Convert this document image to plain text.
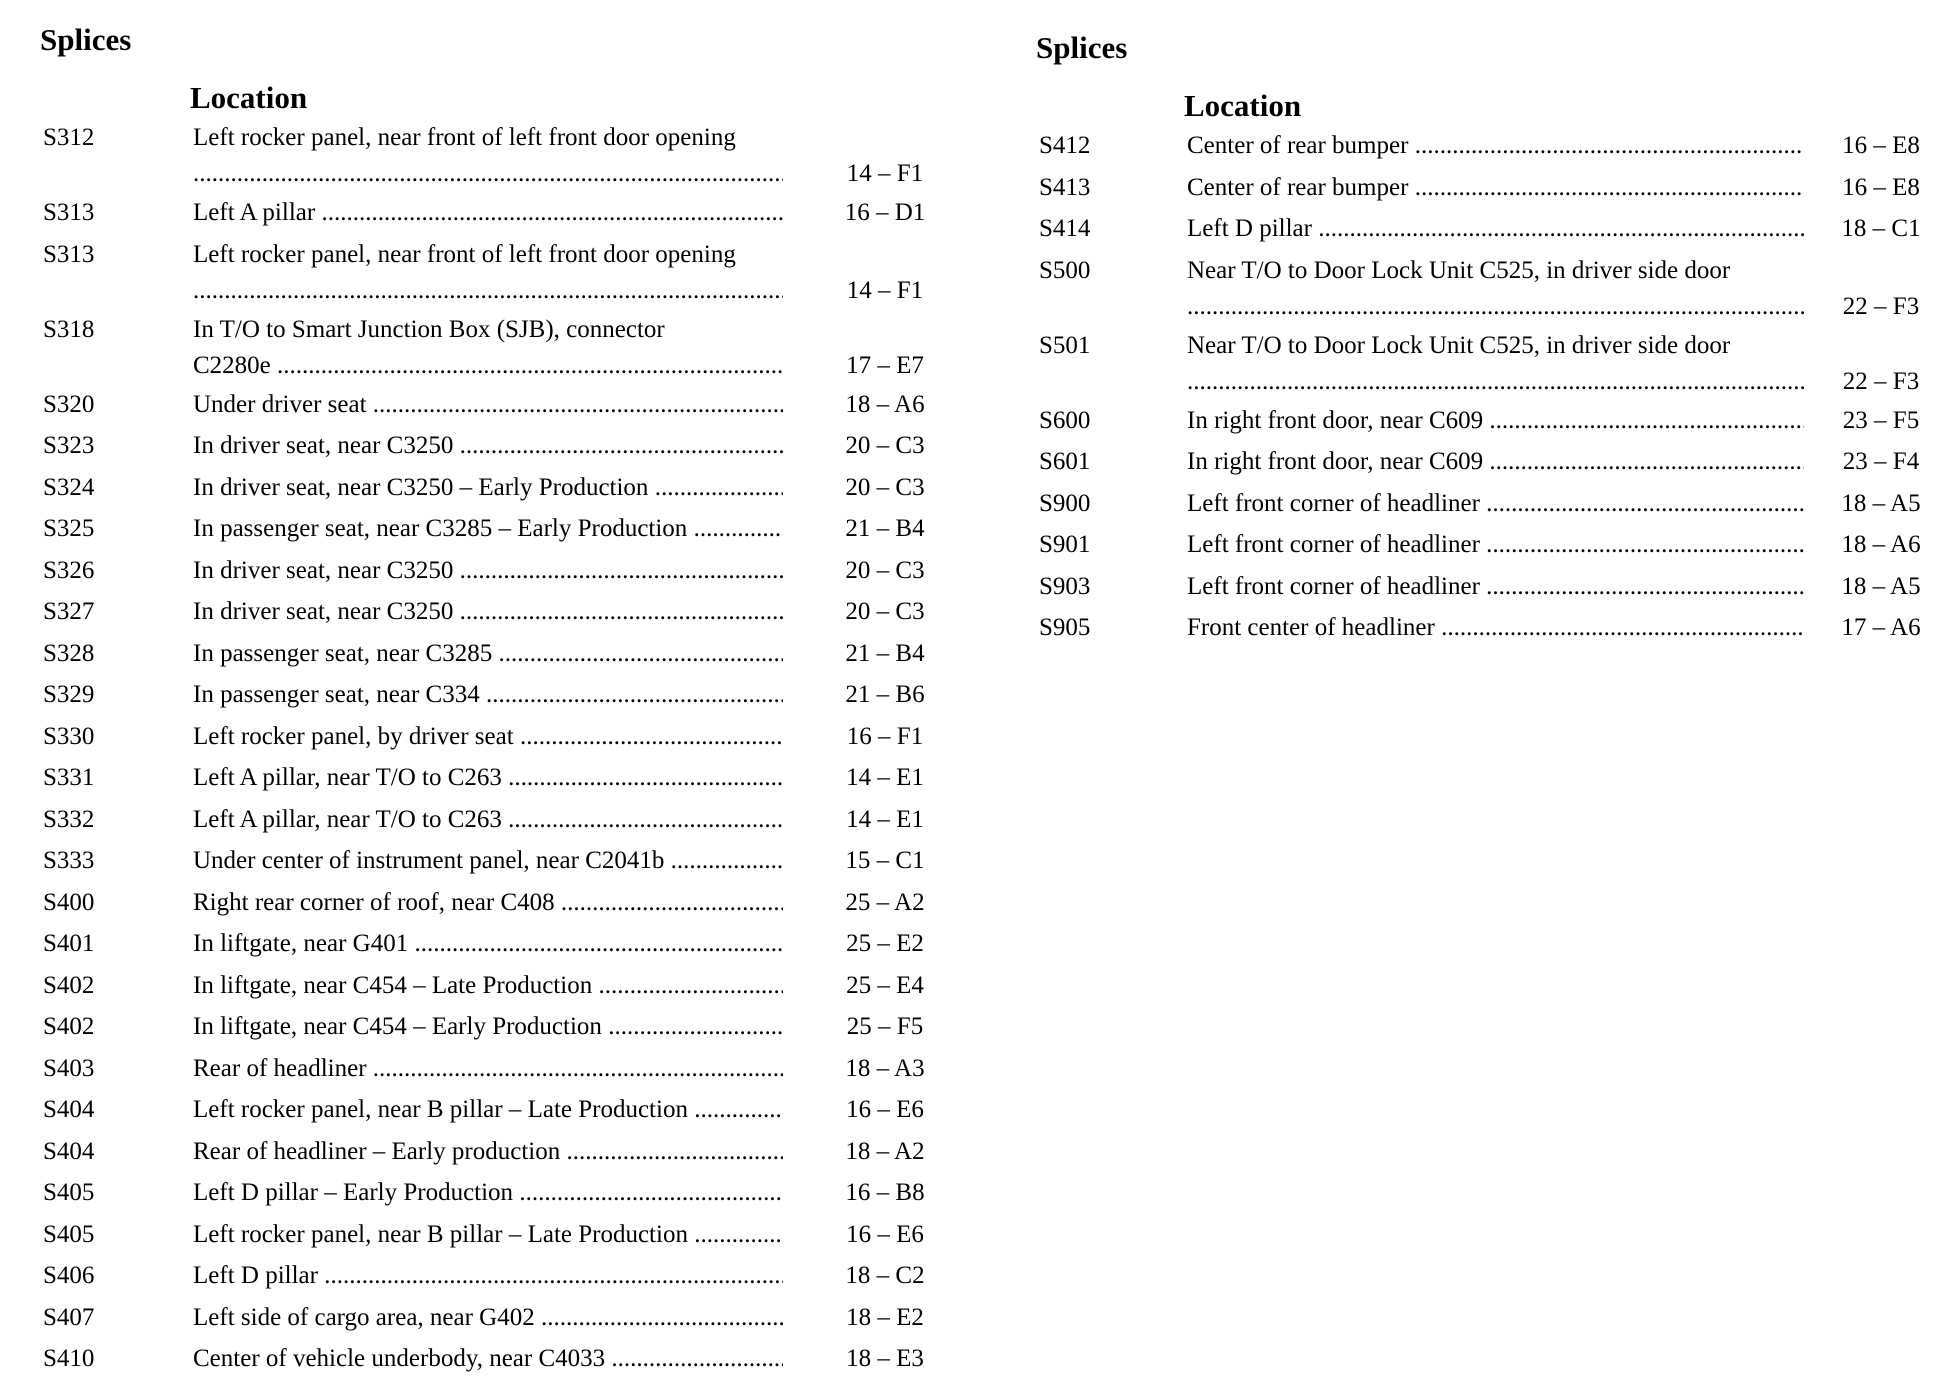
Splices
Location
S312	Left rocker panel, near front of left front door opening
.....
14 – F1
S313	Left A pillar .....	16 – D1
S313	Left rocker panel, near front of left front door opening
.....
14 – F1
S318	In T/O to Smart Junction Box (SJB), connector
C2280e .....	17 – E7
S320	Under driver seat .....	18 – A6
S323	In driver seat, near C3250 .....	20 – C3
S324	In driver seat, near C3250 – Early Production .....	20 – C3
S325	In passenger seat, near C3285 – Early Production .....	21 – B4
S326	In driver seat, near C3250 .....	20 – C3
S327	In driver seat, near C3250 .....	20 – C3
S328	In passenger seat, near C3285 .....	21 – B4
S329	In passenger seat, near C334 .....	21 – B6
S330	Left rocker panel, by driver seat .....	16 – F1
S331	Left A pillar, near T/O to C263 .....	14 – E1
S332	Left A pillar, near T/O to C263 .....	14 – E1
S333	Under center of instrument panel, near C2041b .....	15 – C1
S400	Right rear corner of roof, near C408 .....	25 – A2
S401	In liftgate, near G401 .....	25 – E2
S402	In liftgate, near C454 – Late Production .....	25 – E4
S402	In liftgate, near C454 – Early Production .....	25 – F5
S403	Rear of headliner .....	18 – A3
S404	Left rocker panel, near B pillar – Late Production .....	16 – E6
S404	Rear of headliner – Early production .....	18 – A2
S405	Left D pillar – Early Production .....	16 – B8
S405	Left rocker panel, near B pillar – Late Production .....	16 – E6
S406	Left D pillar .....	18 – C2
S407	Left side of cargo area, near G402 .....	18 – E2
S410	Center of vehicle underbody, near C4033 .....	18 – E3
Splices
Location
S412	Center of rear bumper .....	16 – E8
S413	Center of rear bumper .....	16 – E8
S414	Left D pillar .....	18 – C1
S500	Near T/O to Door Lock Unit C525, in driver side door
.....
22 – F3
S501	Near T/O to Door Lock Unit C525, in driver side door
.....
22 – F3
S600	In right front door, near C609 .....	23 – F5
S601	In right front door, near C609 .....	23 – F4
S900	Left front corner of headliner .....	18 – A5
S901	Left front corner of headliner .....	18 – A6
S903	Left front corner of headliner .....	18 – A5
S905	Front center of headliner .....	17 – A6
